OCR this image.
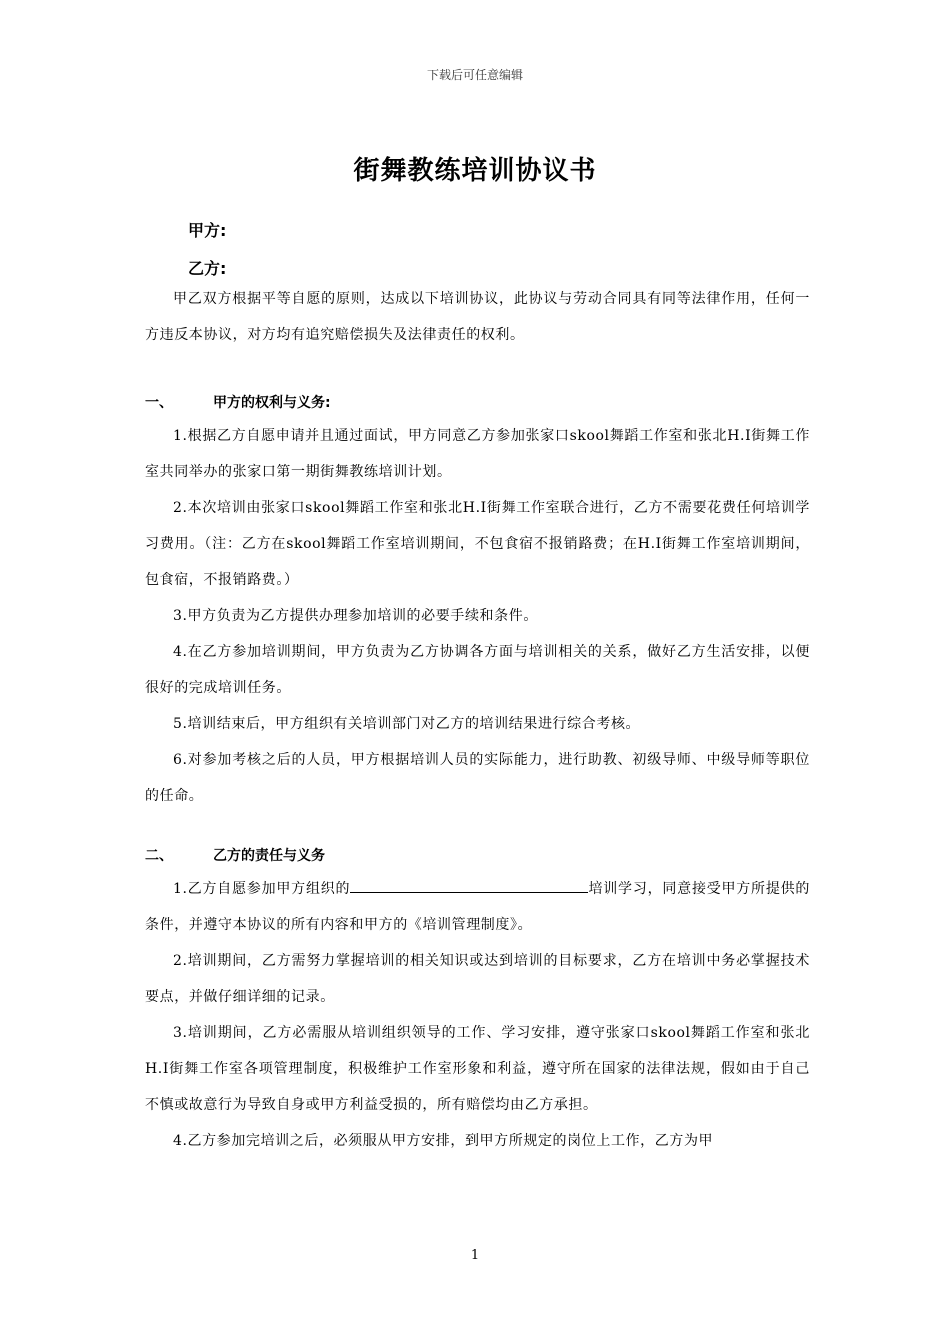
下载后可任意编辑
街舞教练培训协议书
甲方:
乙方:

甲乙双方根据平等自愿的原则，达成以下培训协议，此协议与劳动合同具有同等法律作用，任何一方违反本协议，对方均有追究赔偿损失及法律责任的权利。

一、	甲方的权利与义务:

1.根据乙方自愿申请并且通过面试，甲方同意乙方参加张家口skool舞蹈工作室和张北H.I街舞工作室共同举办的张家口第一期街舞教练培训计划。

2.本次培训由张家口skool舞蹈工作室和张北H.I街舞工作室联合进行，乙方不需要花费任何培训学习费用。（注：乙方在skool舞蹈工作室培训期间，不包食宿不报销路费；在H.I街舞工作室培训期间，包食宿，不报销路费。）

3.甲方负责为乙方提供办理参加培训的必要手续和条件。

4.在乙方参加培训期间，甲方负责为乙方协调各方面与培训相关的关系，做好乙方生活安排，以便很好的完成培训任务。

5.培训结束后，甲方组织有关培训部门对乙方的培训结果进行综合考核。

6.对参加考核之后的人员，甲方根据培训人员的实际能力，进行助教、初级导师、中级导师等职位的任命。

二、	乙方的责任与义务

1.乙方自愿参加甲方组织的	培训学习，同意接受甲方所提供的条件，并遵守本协议的所有内容和甲方的《培训管理制度》。

2.培训期间，乙方需努力掌握培训的相关知识或达到培训的目标要求，乙方在培训中务必掌握技术要点，并做仔细详细的记录。

3.培训期间，乙方必需服从培训组织领导的工作、学习安排，遵守张家口skool舞蹈工作室和张北H.I街舞工作室各项管理制度，积极维护工作室形象和利益，遵守所在国家的法律法规，假如由于自己不慎或故意行为导致自身或甲方利益受损的，所有赔偿均由乙方承担。

4.乙方参加完培训之后，必须服从甲方安排，到甲方所规定的岗位上工作，乙方为甲

1
